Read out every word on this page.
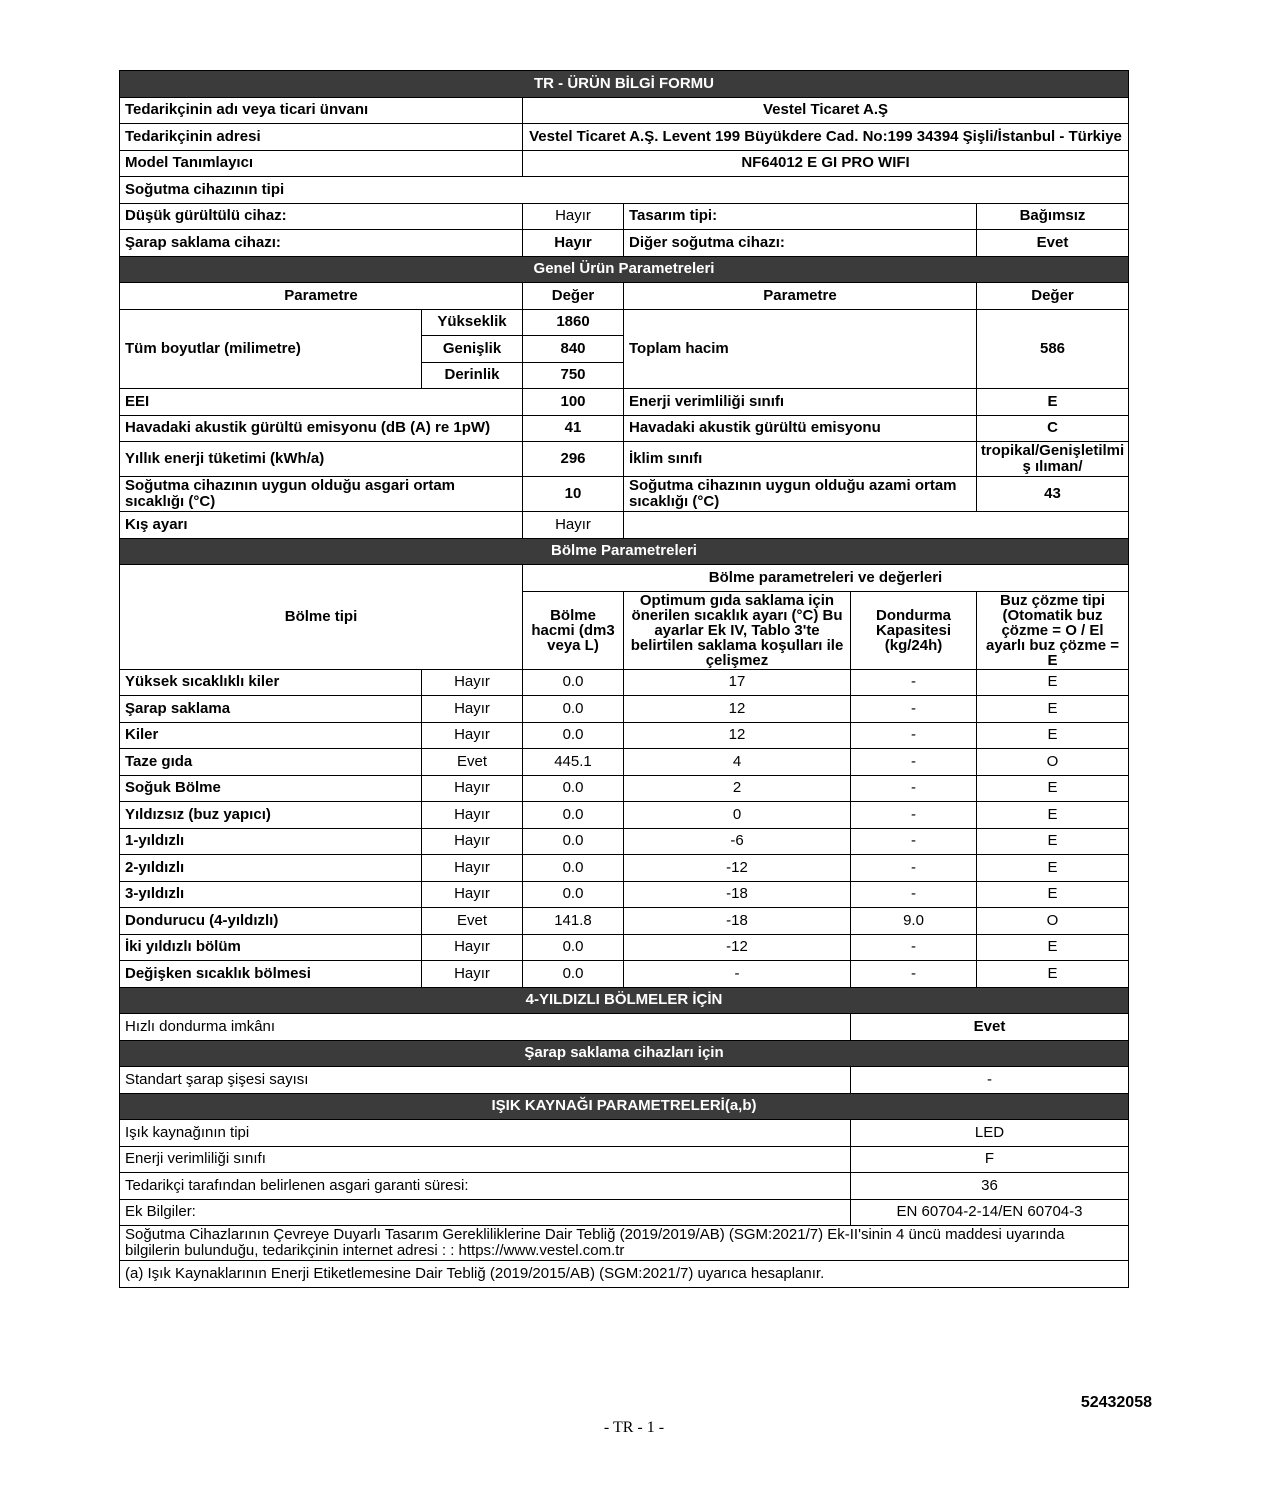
TR - ÜRÜN BİLGİ FORMU					
Tedarikçinin adı veya ticari ünvanı		Vestel Ticaret A.Ş			
Tedarikçinin adresi		Vestel Ticaret A.Ş. Levent 199 Büyükdere Cad. No:199 34394 Şişli/İstanbul - Türkiye			
Model Tanımlayıcı		NF64012 E GI PRO WIFI			
Soğutma cihazının tipi					
Düşük gürültülü cihaz:		Hayır	Tasarım tipi:		Bağımsız
Şarap saklama cihazı:		Hayır	Diğer soğutma cihazı:		Evet
Genel Ürün Parametreleri					
Parametre		Değer	Parametre		Değer
Tüm boyutlar (milimetre)	Yükseklik	1860	Toplam hacim		586
	Genişlik	840			
	Derinlik	750			
EEI		100	Enerji verimliliği sınıfı		E
Havadaki akustik gürültü emisyonu (dB (A) re 1pW)		41	Havadaki akustik gürültü emisyonu		C
Yıllık enerji tüketimi (kWh/a)		296	İklim sınıfı		tropikal/Genişletilmiş ılıman/
Soğutma cihazının uygun olduğu asgari ortam sıcaklığı (°C)		10	Soğutma cihazının uygun olduğu azami ortam sıcaklığı (°C)		43
Kış ayarı		Hayır			
Bölme Parametreleri					
Bölme tipi		Bölme parametreleri ve değerleri			
		Bölme hacmi (dm3 veya L)	Optimum gıda saklama için önerilen sıcaklık ayarı (°C) Bu ayarlar Ek IV, Tablo 3'te belirtilen saklama koşulları ile çelişmez	Dondurma Kapasitesi (kg/24h)	Buz çözme tipi (Otomatik buz çözme = O / El ayarlı buz çözme = E
Yüksek sıcaklıklı kiler	Hayır	0.0	17	-	E
Şarap saklama	Hayır	0.0	12	-	E
Kiler	Hayır	0.0	12	-	E
Taze gıda	Evet	445.1	4	-	O
Soğuk Bölme	Hayır	0.0	2	-	E
Yıldızsız (buz yapıcı)	Hayır	0.0	0	-	E
1-yıldızlı	Hayır	0.0	-6	-	E
2-yıldızlı	Hayır	0.0	-12	-	E
3-yıldızlı	Hayır	0.0	-18	-	E
Dondurucu (4-yıldızlı)	Evet	141.8	-18	9.0	O
İki yıldızlı bölüm	Hayır	0.0	-12	-	E
Değişken sıcaklık bölmesi	Hayır	0.0	-	-	E
4-YILDIZLI BÖLMELER İÇİN					
Hızlı dondurma imkânı				Evet	
Şarap saklama cihazları için					
Standart şarap şişesi sayısı				-	
IŞIK KAYNAĞI PARAMETRELERİ(a,b)					
Işık kaynağının tipi				LED	
Enerji verimliliği sınıfı				F	
Tedarikçi tarafından belirlenen asgari garanti süresi:				36	
Ek Bilgiler:				EN 60704-2-14/EN 60704-3	
Soğutma Cihazlarının Çevreye Duyarlı Tasarım Gerekliliklerine Dair Tebliğ (2019/2019/AB) (SGM:2021/7) Ek-II'sinin 4 üncü maddesi uyarında bilgilerin bulunduğu, tedarikçinin internet adresi : : https://www.vestel.com.tr					
(a) Işık Kaynaklarının Enerji Etiketlemesine Dair Tebliğ (2019/2015/AB) (SGM:2021/7) uyarıca hesaplanır.					
52432058
- TR - 1 -
